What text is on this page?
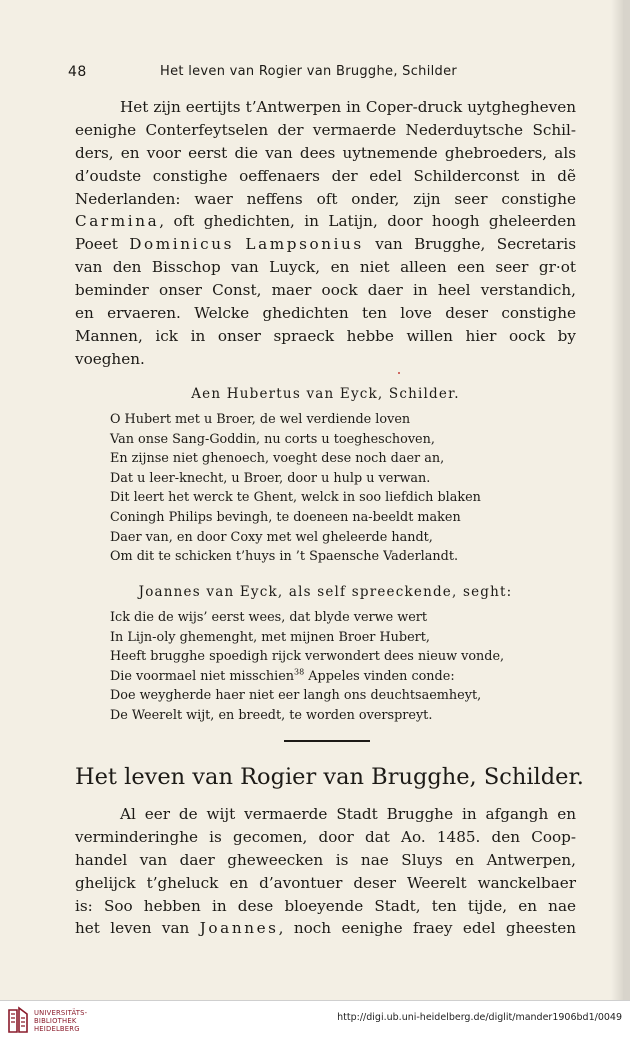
48	Het leven van Rogier van Brugghe, Schilder
Het zijn eertijts t’Antwerpen in Coper-druck uytghegheven
eenighe Conterfeytselen der vermaerde Nederduytsche Schil-
ders, en voor eerst die van dees uytnemende ghebroeders, als
d’oudste constighe oeffenaers der edel Schilderconst in dẽ
Nederlanden: waer neffens oft onder, zijn seer constighe
Carmina, oft ghedichten, in Latijn, door hoogh gheleerden
Poeet Dominicus Lampsonius van Brugghe, Secretaris
van den Bisschop van Luyck, en niet alleen een seer gr·ot
beminder onser Const, maer oock daer in heel verstandich,
en ervaeren. Welcke ghedichten ten love deser constighe
Mannen, ick in onser spraeck hebbe willen hier oock by
voeghen.
Aen Hubertus van Eyck, Schilder.
O Hubert met u Broer, de wel verdiende loven
Van onse Sang-Goddin, nu corts u toegheschoven,
En zijnse niet ghenoech, voeght dese noch daer an,
Dat u leer-knecht, u Broer, door u hulp u verwan.
Dit leert het werck te Ghent, welck in soo liefdich blaken
Coningh Philips bevingh, te doeneen na-beeldt maken
Daer van, en door Coxy met wel gheleerde handt,
Om dit te schicken t’huys in ’t Spaensche Vaderlandt.
Joannes van Eyck, als self spreeckende, seght:
Ick die de wijs’ eerst wees, dat blyde verwe wert
In Lijn-oly ghemenght, met mijnen Broer Hubert,
Heeft brugghe spoedigh rijck verwondert dees nieuw vonde,
Die voormael niet misschien$^{38}$ Appeles vinden conde:
Doe weygherde haer niet eer langh ons deuchtsaemheyt,
De Weerelt wijt, en breedt, te worden overspreyt.
Het leven van Rogier van Brugghe, Schilder.
Al eer de wijt vermaerde Stadt Brugghe in afgangh en
verminderinghe is gecomen, door dat Ao. 1485. den Coop-
handel van daer gheweecken is nae Sluys en Antwerpen,
ghelijck t’gheluck en d’avontuer deser Weerelt wanckelbaer
is: Soo hebben in dese bloeyende Stadt, ten tijde, en nae
het leven van Joannes, noch eenighe fraey edel gheesten
UNIVERSITÄTS-
BIBLIOTHEK
HEIDELBERG
http://digi.ub.uni-heidelberg.de/diglit/mander1906bd1/0049
